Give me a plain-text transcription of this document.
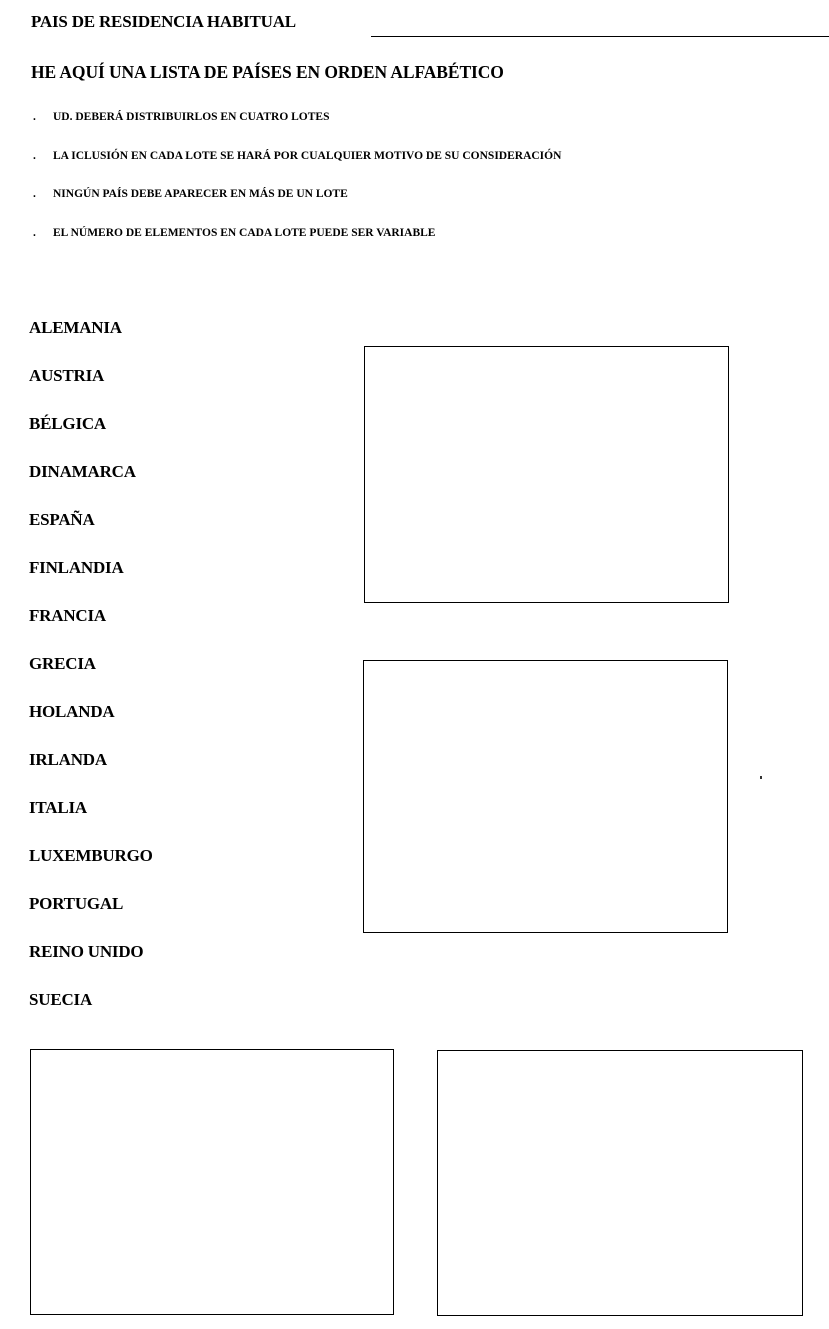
PAIS DE RESIDENCIA HABITUAL
HE AQUÍ UNA LISTA DE PAÍSES EN ORDEN ALFABÉTICO
. UD. DEBERÁ DISTRIBUIRLOS EN CUATRO LOTES
. LA ICLUSIÓN EN CADA LOTE SE HARÁ POR CUALQUIER MOTIVO DE SU CONSIDERACIÓN
. NINGÚN PAÍS DEBE APARECER EN MÁS DE UN LOTE
. EL NÚMERO DE ELEMENTOS EN CADA LOTE PUEDE SER VARIABLE
ALEMANIA
AUSTRIA
BÉLGICA
DINAMARCA
ESPAÑA
FINLANDIA
FRANCIA
GRECIA
HOLANDA
IRLANDA
ITALIA
LUXEMBURGO
PORTUGAL
REINO UNIDO
SUECIA
